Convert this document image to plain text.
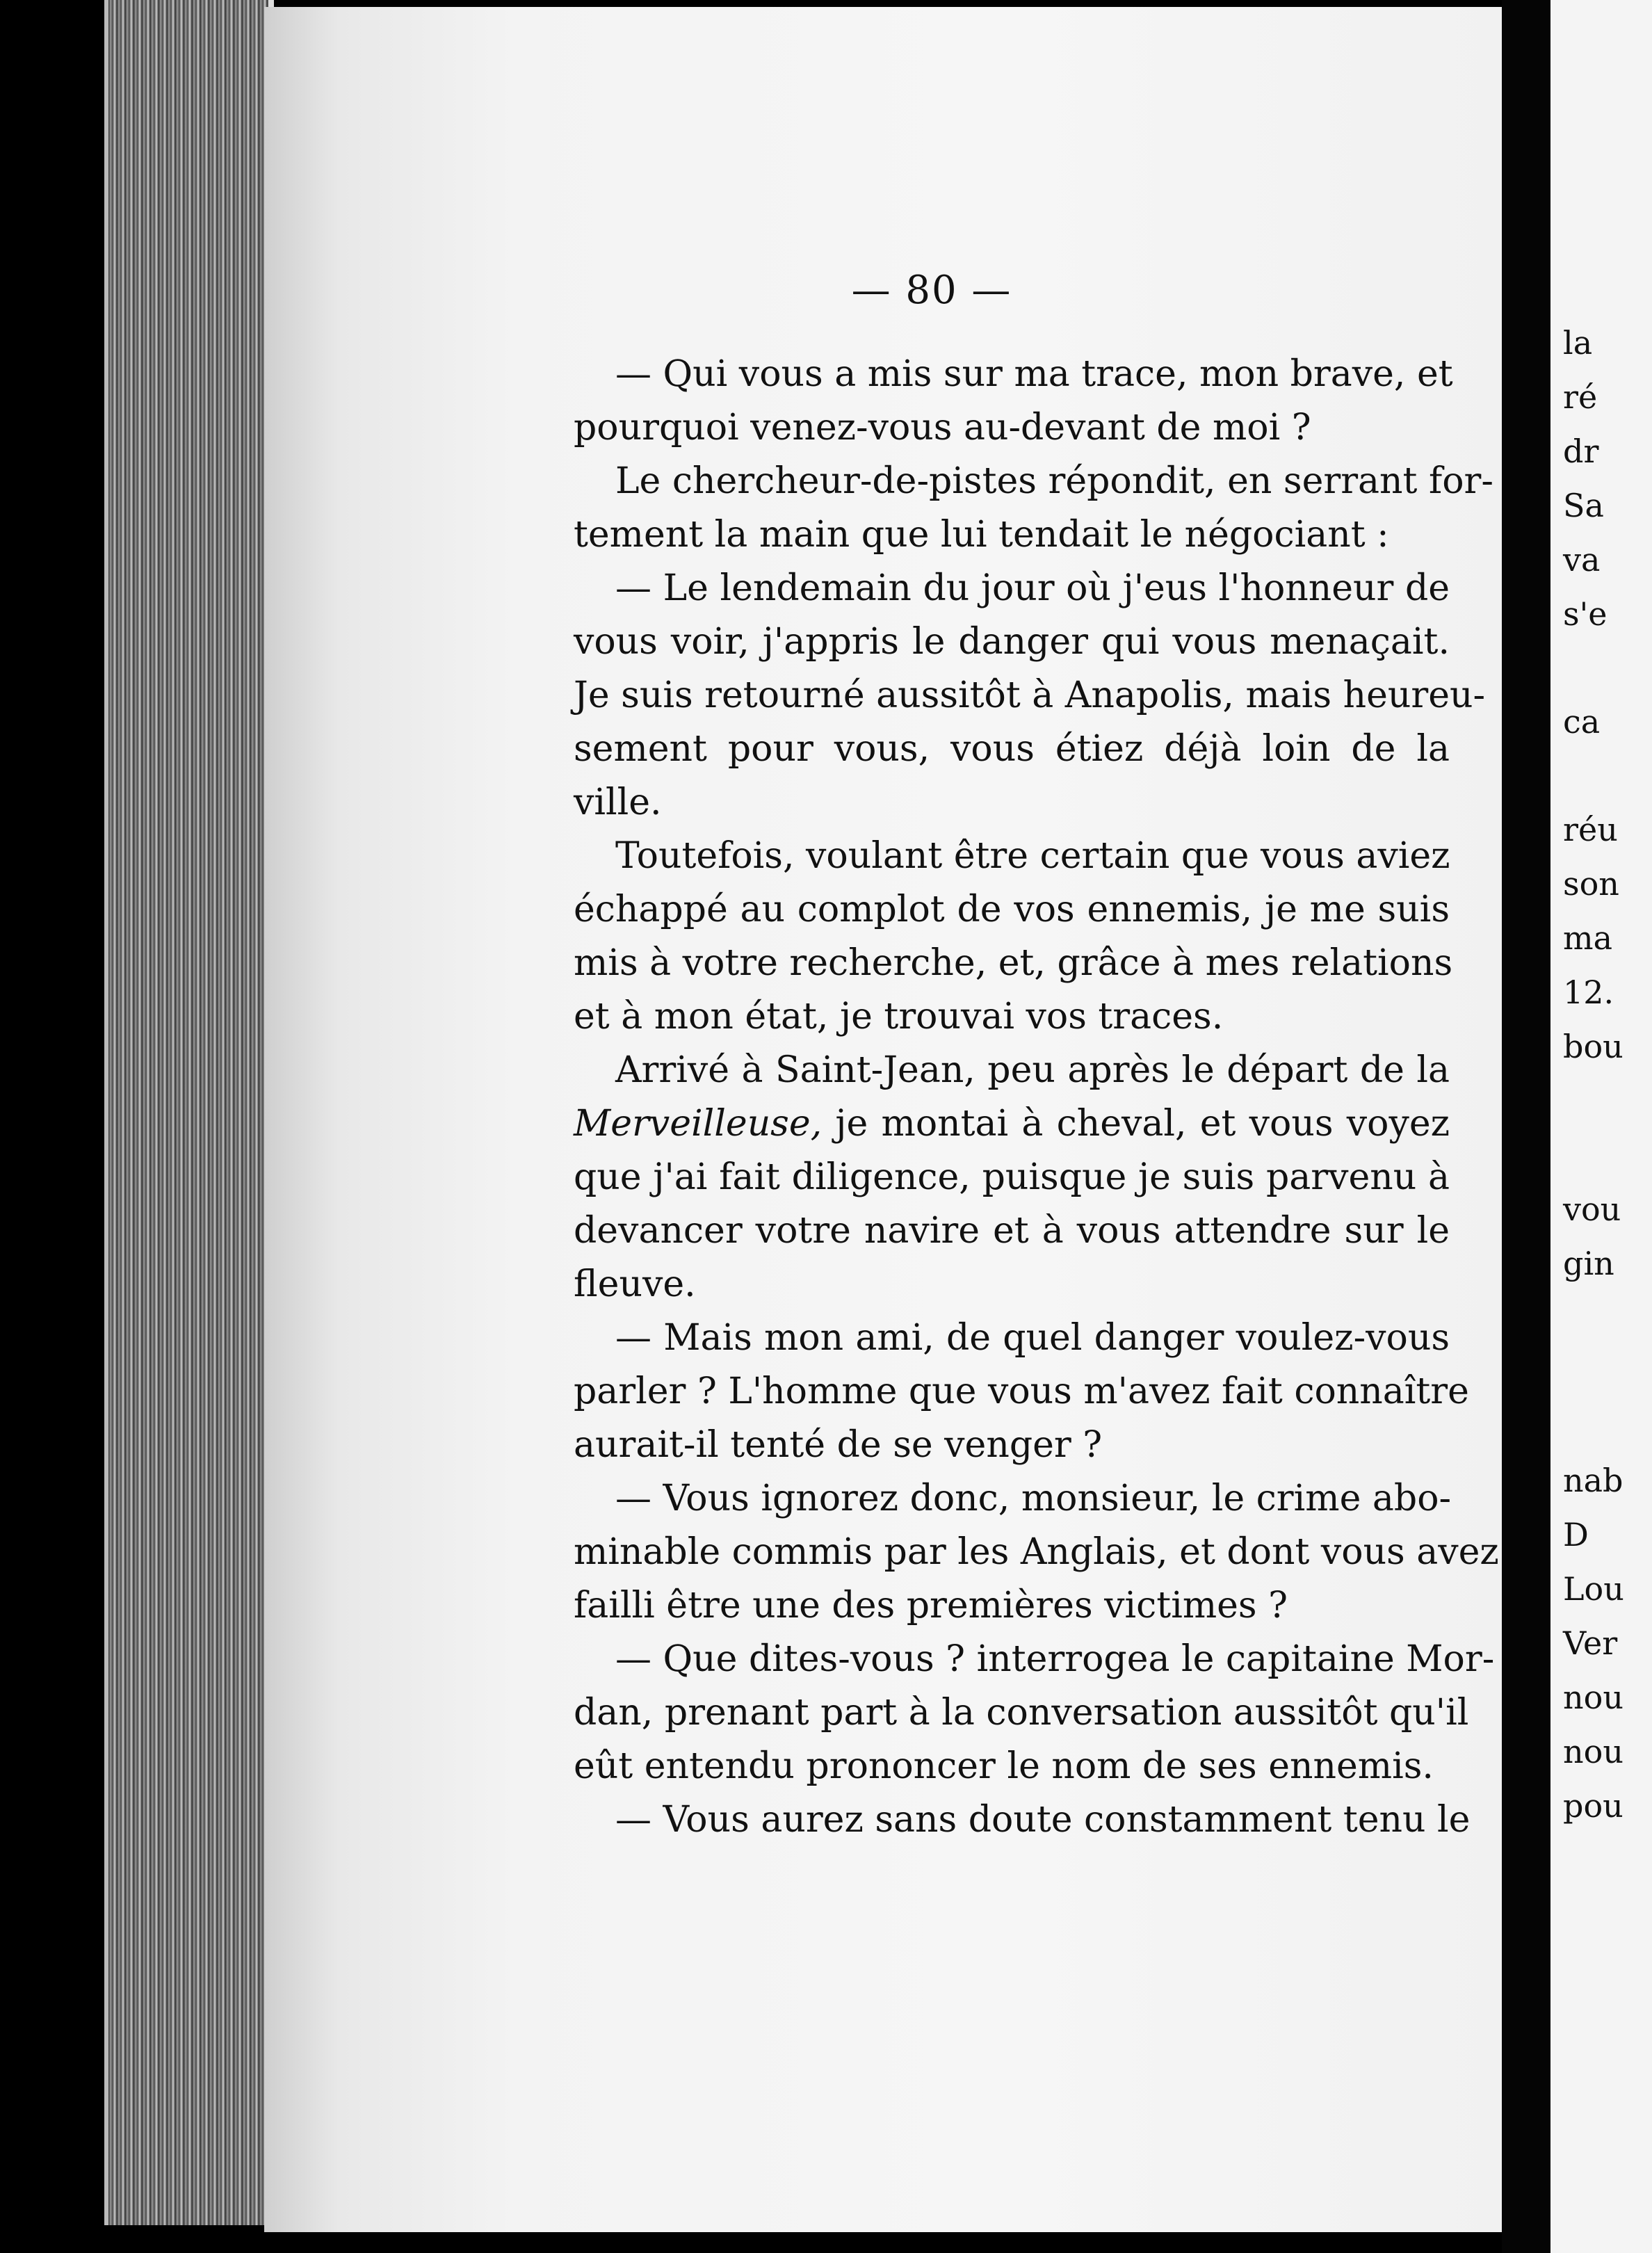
— 80 —
— Qui vous a mis sur ma trace, mon brave, et
pourquoi venez-vous au-devant de moi ?
Le chercheur-de-pistes répondit, en serrant for-
tement la main que lui tendait le négociant :
— Le lendemain du jour où j'eus l'honneur de
vous voir, j'appris le danger qui vous menaçait.
Je suis retourné aussitôt à Anapolis, mais heureu-
sement pour vous, vous étiez déjà loin de la
ville.
Toutefois, voulant être certain que vous aviez
échappé au complot de vos ennemis, je me suis
mis à votre recherche, et, grâce à mes relations
et à mon état, je trouvai vos traces.
Arrivé à Saint-Jean, peu après le départ de la
Merveilleuse, je montai à cheval, et vous voyez
que j'ai fait diligence, puisque je suis parvenu à
devancer votre navire et à vous attendre sur le
fleuve.
— Mais mon ami, de quel danger voulez-vous
parler ? L'homme que vous m'avez fait connaître
aurait-il tenté de se venger ?
— Vous ignorez donc, monsieur, le crime abo-
minable commis par les Anglais, et dont vous avez
failli être une des premières victimes ?
— Que dites-vous ? interrogea le capitaine Mor-
dan, prenant part à la conversation aussitôt qu'il
eût entendu prononcer le nom de ses ennemis.
— Vous aurez sans doute constamment tenu le
la
ré
dr
Sa
va
s'e
ca
réu
son
ma
12.
bou
vou
gin
nab
D
Lou
Ver
nou
nou
pou
